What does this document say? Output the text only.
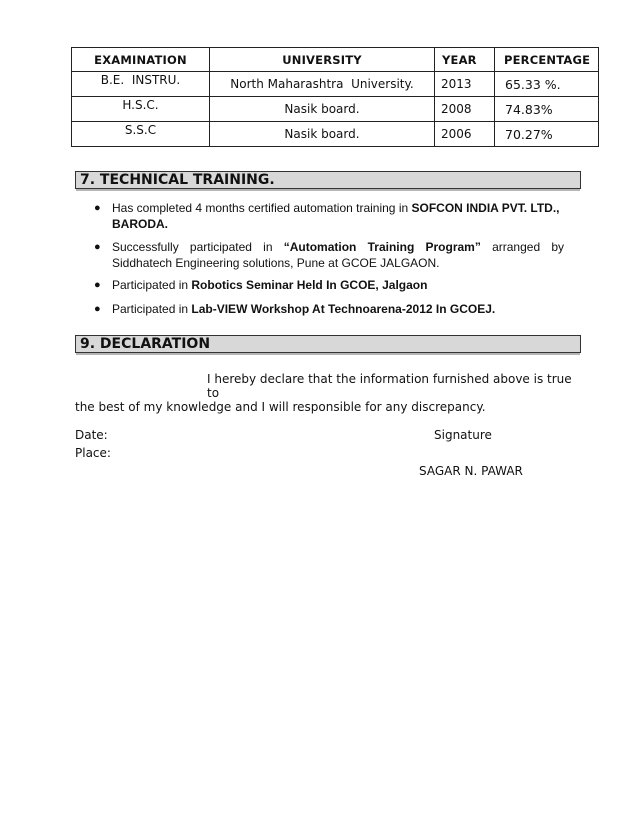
EXAMINATION	UNIVERSITY	YEAR	PERCENTAGE
B.E.  INSTRU.	North Maharashtra  University.	2013	65.33 %.
H.S.C.	Nasik board.	2008	74.83%
S.S.C	Nasik board.	2006	70.27%
7. TECHNICAL TRAINING.
● Has completed 4 months certified automation training in SOFCON INDIA PVT. LTD., BARODA.
● Successfully participated in “Automation Training Program” arranged by Siddhatech Engineering solutions, Pune at GCOE JALGAON.
● Participated in Robotics Seminar Held In GCOE, Jalgaon
● Participated in Lab-VIEW Workshop At Technoarena-2012 In GCOEJ.
9. DECLARATION
I hereby declare that the information furnished above is true to
the best of my knowledge and I will responsible for any discrepancy.
Date:
Place:
Signature
SAGAR N. PAWAR
